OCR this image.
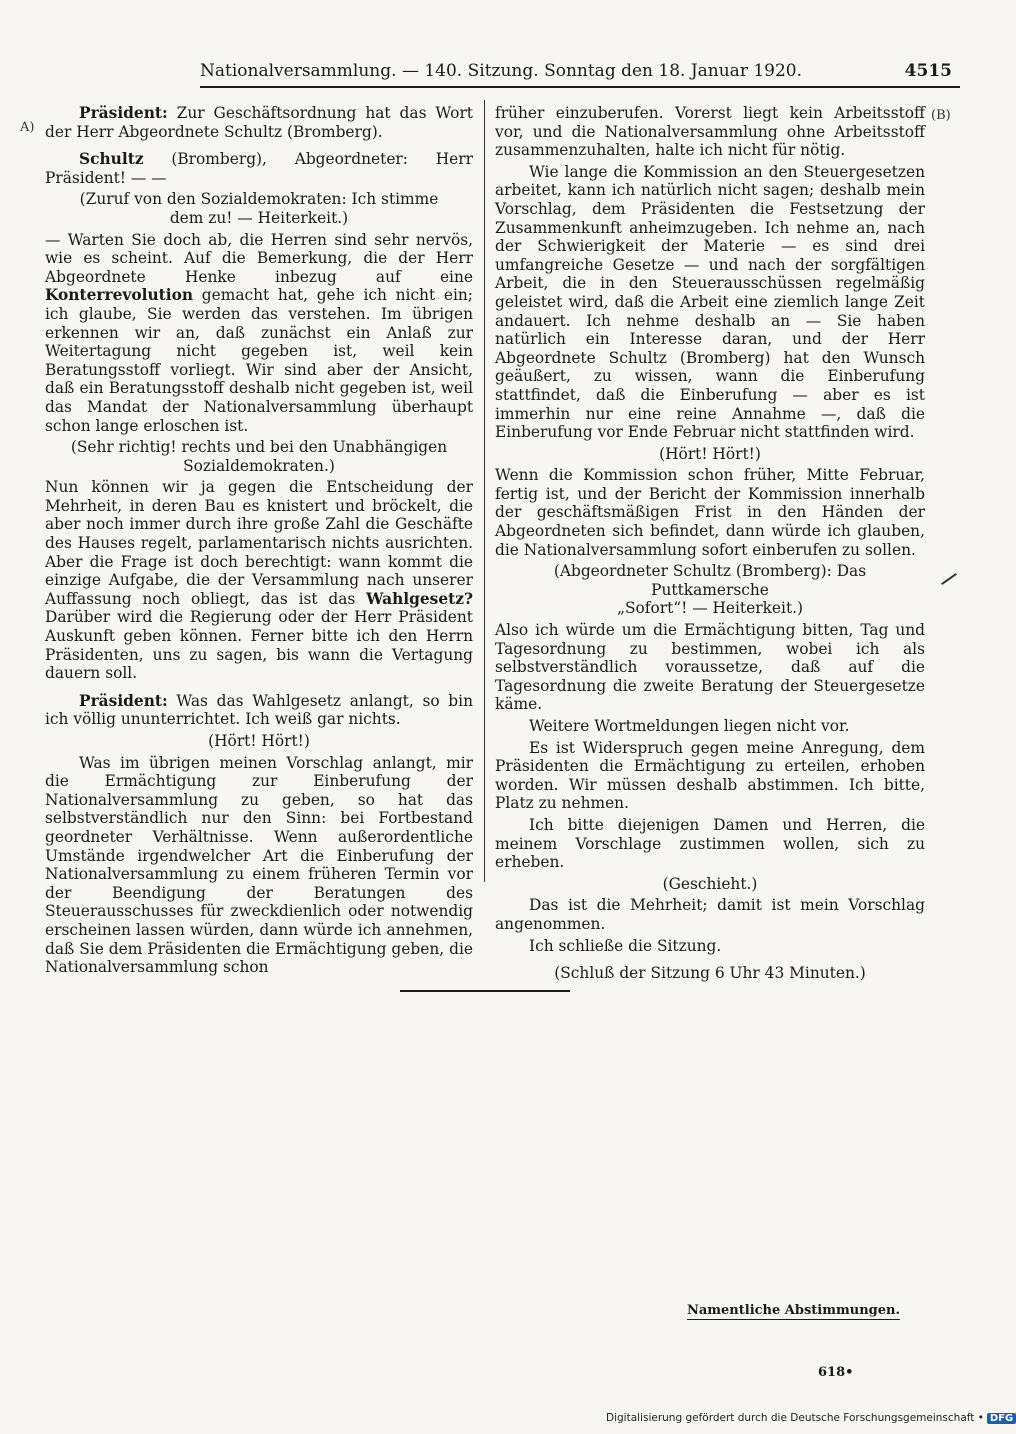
Nationalversammlung. — 140. Sitzung. Sonntag den 18. Januar 1920.	4515
A)
(B)

Präsident: Zur Geschäftsordnung hat das Wort der Herr Abgeordnete Schultz (Bromberg).

Schultz (Bromberg), Abgeordneter: Herr Präsident! — —

(Zuruf von den Sozialdemokraten: Ich stimme
dem zu! — Heiterkeit.)

— Warten Sie doch ab, die Herren sind sehr nervös, wie es scheint. Auf die Bemerkung, die der Herr Abgeordnete Henke inbezug auf eine Konterrevolution gemacht hat, gehe ich nicht ein; ich glaube, Sie werden das verstehen. Im übrigen erkennen wir an, daß zunächst ein Anlaß zur Weitertagung nicht gegeben ist, weil kein Beratungsstoff vorliegt. Wir sind aber der Ansicht, daß ein Beratungsstoff deshalb nicht gegeben ist, weil das Mandat der Nationalversammlung überhaupt schon lange erloschen ist.

(Sehr richtig! rechts und bei den Unabhängigen
Sozialdemokraten.)

Nun können wir ja gegen die Entscheidung der Mehrheit, in deren Bau es knistert und bröckelt, die aber noch immer durch ihre große Zahl die Geschäfte des Hauses regelt, parlamentarisch nichts ausrichten. Aber die Frage ist doch berechtigt: wann kommt die einzige Aufgabe, die der Versammlung nach unserer Auffassung noch obliegt, das ist das Wahlgesetz? Darüber wird die Regierung oder der Herr Präsident Auskunft geben können. Ferner bitte ich den Herrn Präsidenten, uns zu sagen, bis wann die Vertagung dauern soll.

Präsident: Was das Wahlgesetz anlangt, so bin ich völlig ununterrichtet. Ich weiß gar nichts.

(Hört! Hört!)

Was im übrigen meinen Vorschlag anlangt, mir die Ermächtigung zur Einberufung der Nationalversammlung zu geben, so hat das selbstverständlich nur den Sinn: bei Fortbestand geordneter Verhältnisse. Wenn außerordentliche Umstände irgendwelcher Art die Einberufung der Nationalversammlung zu einem früheren Termin vor der Beendigung der Beratungen des Steuerausschusses für zweckdienlich oder notwendig erscheinen lassen würden, dann würde ich annehmen, daß Sie dem Präsidenten die Ermächtigung geben, die Nationalversammlung schon

früher einzuberufen. Vorerst liegt kein Arbeitsstoff vor, und die Nationalversammlung ohne Arbeitsstoff zusammenzuhalten, halte ich nicht für nötig.

Wie lange die Kommission an den Steuergesetzen arbeitet, kann ich natürlich nicht sagen; deshalb mein Vorschlag, dem Präsidenten die Festsetzung der Zusammenkunft anheimzugeben. Ich nehme an, nach der Schwierigkeit der Materie — es sind drei umfangreiche Gesetze — und nach der sorgfältigen Arbeit, die in den Steuerausschüssen regelmäßig geleistet wird, daß die Arbeit eine ziemlich lange Zeit andauert. Ich nehme deshalb an — Sie haben natürlich ein Interesse daran, und der Herr Abgeordnete Schultz (Bromberg) hat den Wunsch geäußert, zu wissen, wann die Einberufung stattfindet, daß die Einberufung — aber es ist immerhin nur eine reine Annahme —, daß die Einberufung vor Ende Februar nicht stattfinden wird.

(Hört! Hört!)

Wenn die Kommission schon früher, Mitte Februar, fertig ist, und der Bericht der Kommission innerhalb der geschäftsmäßigen Frist in den Händen der Abgeordneten sich befindet, dann würde ich glauben, die Nationalversammlung sofort einberufen zu sollen.

(Abgeordneter Schultz (Bromberg): Das Puttkamersche
„Sofort“! — Heiterkeit.)

Also ich würde um die Ermächtigung bitten, Tag und Tagesordnung zu bestimmen, wobei ich als selbstverständlich voraussetze, daß auf die Tagesordnung die zweite Beratung der Steuergesetze käme.

Weitere Wortmeldungen liegen nicht vor.

Es ist Widerspruch gegen meine Anregung, dem Präsidenten die Ermächtigung zu erteilen, erhoben worden. Wir müssen deshalb abstimmen. Ich bitte, Platz zu nehmen.

Ich bitte diejenigen Damen und Herren, die meinem Vorschlage zustimmen wollen, sich zu erheben.

(Geschieht.)

Das ist die Mehrheit; damit ist mein Vorschlag angenommen.

Ich schließe die Sitzung.

(Schluß der Sitzung 6 Uhr 43 Minuten.)
Namentliche Abstimmungen.
618•
Digitalisierung gefördert durch die Deutsche Forschungsgemeinschaft • DFG
